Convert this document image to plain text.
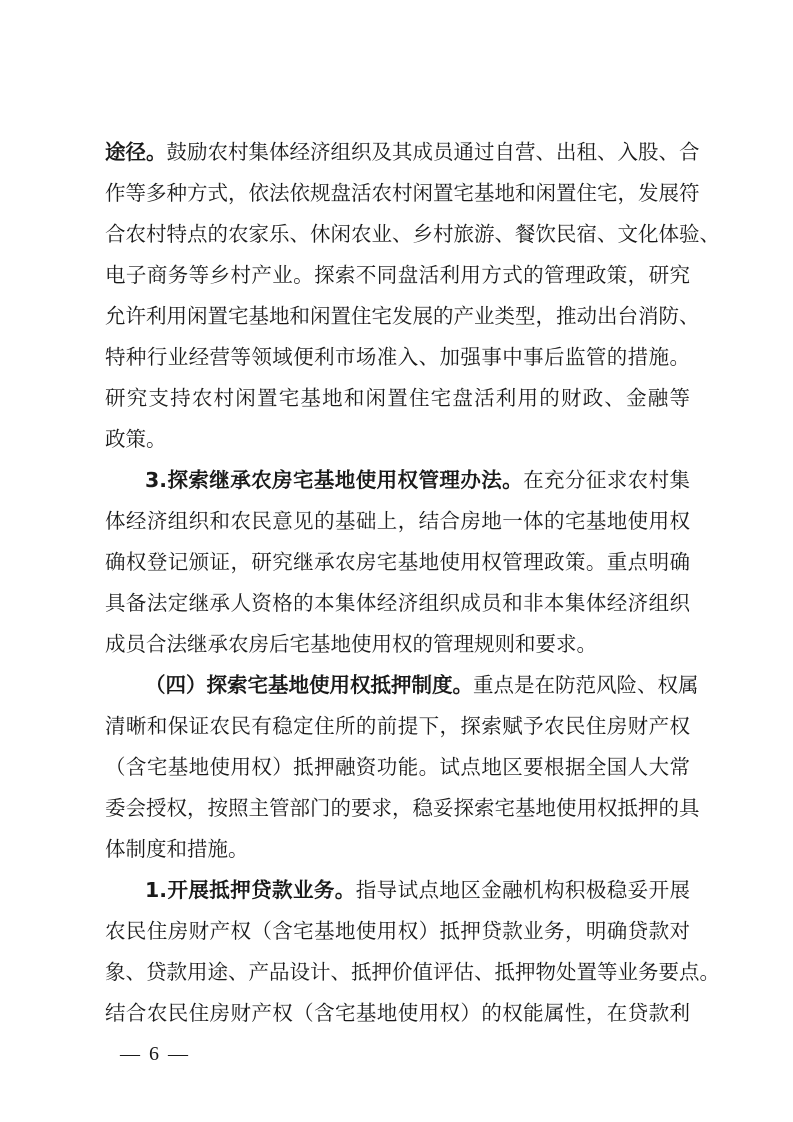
途径。鼓励农村集体经济组织及其成员通过自营、出租、入股、合
作等多种方式，依法依规盘活农村闲置宅基地和闲置住宅，发展符
合农村特点的农家乐、休闲农业、乡村旅游、餐饮民宿、文化体验、
电子商务等乡村产业。探索不同盘活利用方式的管理政策，研究
允许利用闲置宅基地和闲置住宅发展的产业类型，推动出台消防、
特种行业经营等领域便利市场准入、加强事中事后监管的措施。
研究支持农村闲置宅基地和闲置住宅盘活利用的财政、金融等
政策。
3.探索继承农房宅基地使用权管理办法。在充分征求农村集
体经济组织和农民意见的基础上，结合房地一体的宅基地使用权
确权登记颁证，研究继承农房宅基地使用权管理政策。重点明确
具备法定继承人资格的本集体经济组织成员和非本集体经济组织
成员合法继承农房后宅基地使用权的管理规则和要求。
（四）探索宅基地使用权抵押制度。重点是在防范风险、权属
清晰和保证农民有稳定住所的前提下，探索赋予农民住房财产权
（含宅基地使用权）抵押融资功能。试点地区要根据全国人大常
委会授权，按照主管部门的要求，稳妥探索宅基地使用权抵押的具
体制度和措施。
1.开展抵押贷款业务。指导试点地区金融机构积极稳妥开展
农民住房财产权（含宅基地使用权）抵押贷款业务，明确贷款对
象、贷款用途、产品设计、抵押价值评估、抵押物处置等业务要点。
结合农民住房财产权（含宅基地使用权）的权能属性，在贷款利
— 6 —
